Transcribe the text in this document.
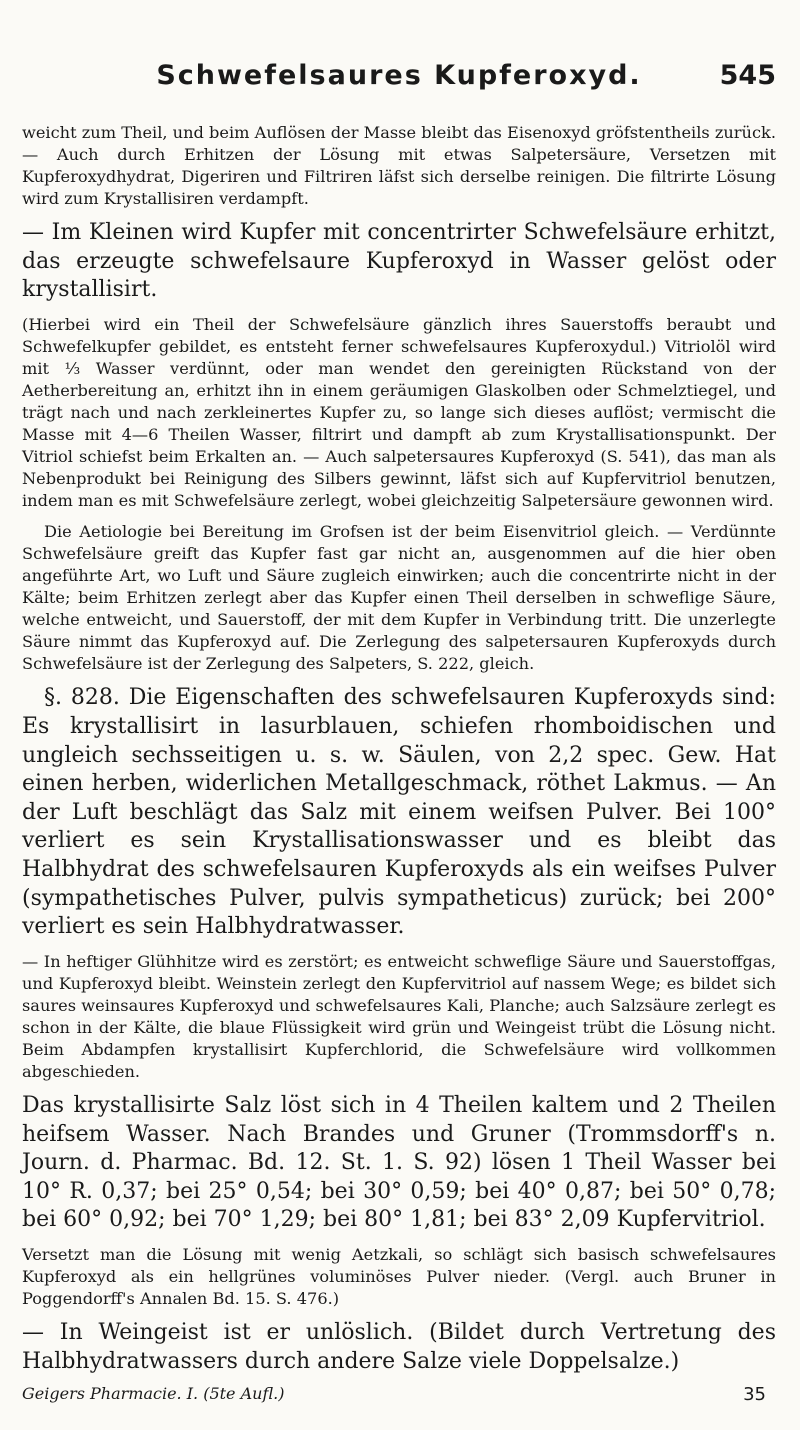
Schwefelsaures Kupferoxyd.	545

weicht zum Theil, und beim Auflösen der Masse bleibt das Eisenoxyd gröfstentheils zurück. — Auch durch Erhitzen der Lösung mit etwas Salpetersäure, Versetzen mit Kupferoxydhydrat, Digeriren und Filtriren läfst sich derselbe reinigen. Die filtrirte Lösung wird zum Krystallisiren verdampft.

— Im Kleinen wird Kupfer mit concentrirter Schwefelsäure erhitzt, das erzeugte schwefelsaure Kupferoxyd in Wasser gelöst oder krystallisirt.

(Hierbei wird ein Theil der Schwefelsäure gänzlich ihres Sauerstoffs beraubt und Schwefelkupfer gebildet, es entsteht ferner schwefelsaures Kupferoxydul.) Vitriolöl wird mit ⅓ Wasser verdünnt, oder man wendet den gereinigten Rückstand von der Aetherbereitung an, erhitzt ihn in einem geräumigen Glaskolben oder Schmelztiegel, und trägt nach und nach zerkleinertes Kupfer zu, so lange sich dieses auflöst; vermischt die Masse mit 4—6 Theilen Wasser, filtrirt und dampft ab zum Krystallisationspunkt. Der Vitriol schiefst beim Erkalten an. — Auch salpetersaures Kupferoxyd (S. 541), das man als Nebenprodukt bei Reinigung des Silbers gewinnt, läfst sich auf Kupfervitriol benutzen, indem man es mit Schwefelsäure zerlegt, wobei gleichzeitig Salpetersäure gewonnen wird.

Die Aetiologie bei Bereitung im Grofsen ist der beim Eisenvitriol gleich. — Verdünnte Schwefelsäure greift das Kupfer fast gar nicht an, ausgenommen auf die hier oben angeführte Art, wo Luft und Säure zugleich einwirken; auch die concentrirte nicht in der Kälte; beim Erhitzen zerlegt aber das Kupfer einen Theil derselben in schweflige Säure, welche entweicht, und Sauerstoff, der mit dem Kupfer in Verbindung tritt. Die unzerlegte Säure nimmt das Kupferoxyd auf. Die Zerlegung des salpetersauren Kupferoxyds durch Schwefelsäure ist der Zerlegung des Salpeters, S. 222, gleich.

§. 828. Die Eigenschaften des schwefelsauren Kupferoxyds sind: Es krystallisirt in lasurblauen, schiefen rhomboidischen und ungleich sechsseitigen u. s. w. Säulen, von 2,2 spec. Gew. Hat einen herben, widerlichen Metallgeschmack, röthet Lakmus. — An der Luft beschlägt das Salz mit einem weifsen Pulver. Bei 100° verliert es sein Krystallisationswasser und es bleibt das Halbhydrat des schwefelsauren Kupferoxyds als ein weifses Pulver (sympathetisches Pulver, pulvis sympatheticus) zurück; bei 200° verliert es sein Halbhydratwasser.

— In heftiger Glühhitze wird es zerstört; es entweicht schweflige Säure und Sauerstoffgas, und Kupferoxyd bleibt. Weinstein zerlegt den Kupfervitriol auf nassem Wege; es bildet sich saures weinsaures Kupferoxyd und schwefelsaures Kali, Planche; auch Salzsäure zerlegt es schon in der Kälte, die blaue Flüssigkeit wird grün und Weingeist trübt die Lösung nicht. Beim Abdampfen krystallisirt Kupferchlorid, die Schwefelsäure wird vollkommen abgeschieden.

Das krystallisirte Salz löst sich in 4 Theilen kaltem und 2 Theilen heifsem Wasser. Nach Brandes und Gruner (Trommsdorff's n. Journ. d. Pharmac. Bd. 12. St. 1. S. 92) lösen 1 Theil Wasser bei 10° R. 0,37; bei 25° 0,54; bei 30° 0,59; bei 40° 0,87; bei 50° 0,78; bei 60° 0,92; bei 70° 1,29; bei 80° 1,81; bei 83° 2,09 Kupfervitriol.

Versetzt man die Lösung mit wenig Aetzkali, so schlägt sich basisch schwefelsaures Kupferoxyd als ein hellgrünes voluminöses Pulver nieder. (Vergl. auch Bruner in Poggendorff's Annalen Bd. 15. S. 476.)

— In Weingeist ist er unlöslich. (Bildet durch Vertretung des Halbhydratwassers durch andere Salze viele Doppelsalze.)

Geigers Pharmacie. I. (5te Aufl.)	35
